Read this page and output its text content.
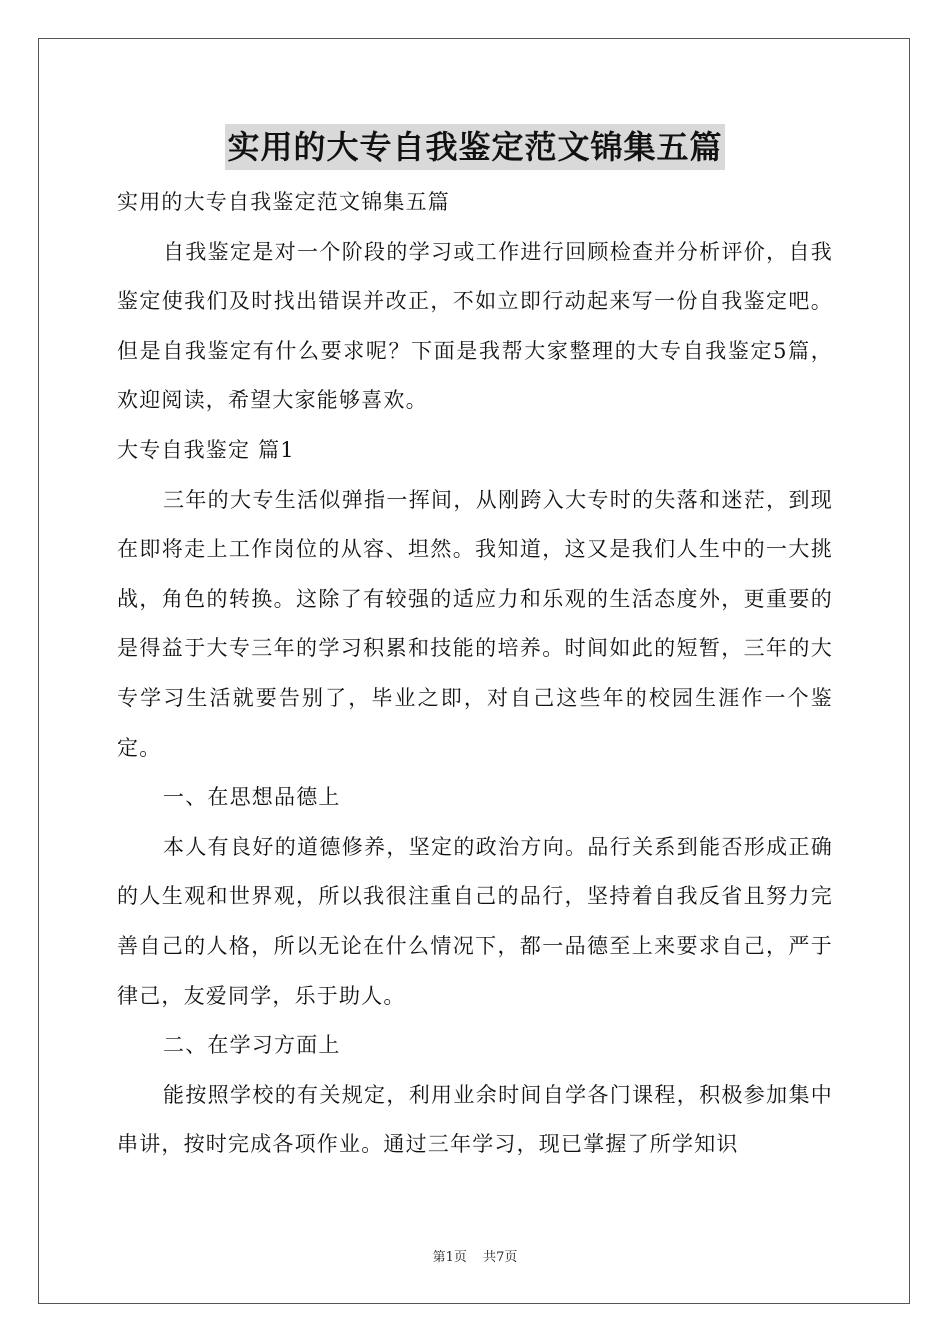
实用的大专自我鉴定范文锦集五篇

实用的大专自我鉴定范文锦集五篇

自我鉴定是对一个阶段的学习或工作进行回顾检查并分析评价，自我鉴定使我们及时找出错误并改正，不如立即行动起来写一份自我鉴定吧。但是自我鉴定有什么要求呢？下面是我帮大家整理的大专自我鉴定5篇，欢迎阅读，希望大家能够喜欢。

大专自我鉴定 篇1

三年的大专生活似弹指一挥间，从刚跨入大专时的失落和迷茫，到现在即将走上工作岗位的从容、坦然。我知道，这又是我们人生中的一大挑战，角色的转换。这除了有较强的适应力和乐观的生活态度外，更重要的是得益于大专三年的学习积累和技能的培养。时间如此的短暂，三年的大专学习生活就要告别了，毕业之即，对自己这些年的校园生涯作一个鉴定。

一、在思想品德上

本人有良好的道德修养，坚定的政治方向。品行关系到能否形成正确的人生观和世界观，所以我很注重自己的品行，坚持着自我反省且努力完善自己的人格，所以无论在什么情况下，都一品德至上来要求自己，严于律己，友爱同学，乐于助人。

二、在学习方面上

能按照学校的有关规定，利用业余时间自学各门课程，积极参加集中串讲，按时完成各项作业。通过三年学习，现已掌握了所学知识

第1页 共7页
